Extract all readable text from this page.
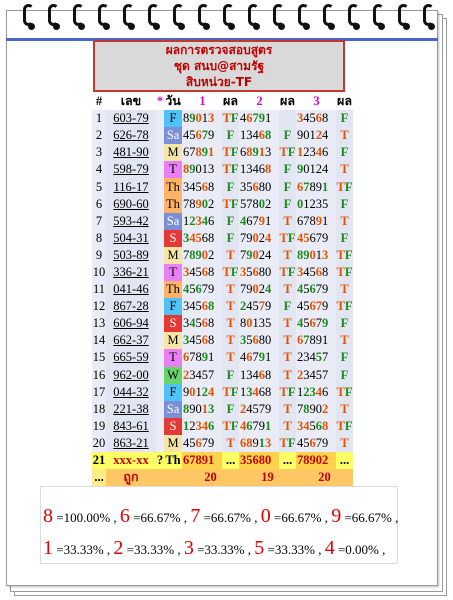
ผลการตรวจสอบสูตร
ชุด สนบ@สามรัฐ
สิบหน่วย-TF
#	เลข	*	วัน	1	ผล	2	ผล	3	ผล
1	603-79		F	89013	TF	46791		34568	F
2	626-78		Sa	45679	F	13468	F	90124	T
3	481-90		M	67891	TF	68913	TF	12346	F
4	598-79		T	89013	TF	13468	F	90124	T
5	116-17		Th	34568	F	35680	F	67891	TF
6	690-60		Th	78902	TF	57802	F	01235	F
7	593-42		Sa	12346	F	46791	T	67891	T
8	504-31		S	34568	F	79024	TF	45679	F
9	503-89		M	78902	T	79024	T	89013	TF
10	336-21		T	34568	TF	35680	TF	34568	TF
11	041-46		Th	45679	T	79024	T	45679	T
12	867-28		F	34568	T	24579	F	45679	TF
13	606-94		S	34568	T	80135	T	45679	F
14	662-37		M	34568	T	35680	T	67891	T
15	665-59		T	67891	T	46791	T	23457	F
16	962-00		W	23457	F	13468	T	23457	F
17	044-32		F	90124	TF	13468	TF	12346	TF
18	221-38		Sa	89013	F	24579	T	78902	T
19	843-61		S	12346	TF	46791	T	34568	TF
20	863-21		M	45679	T	68913	TF	45679	T
21	xxx-xx	?	Th	67891	...	35680	...	78902	...
...	ถูก			20		19		20	
8 =100.00% , 6 =66.67% , 7 =66.67% , 0 =66.67% , 9 =66.67% ,
1 =33.33% , 2 =33.33% , 3 =33.33% , 5 =33.33% , 4 =0.00% ,
